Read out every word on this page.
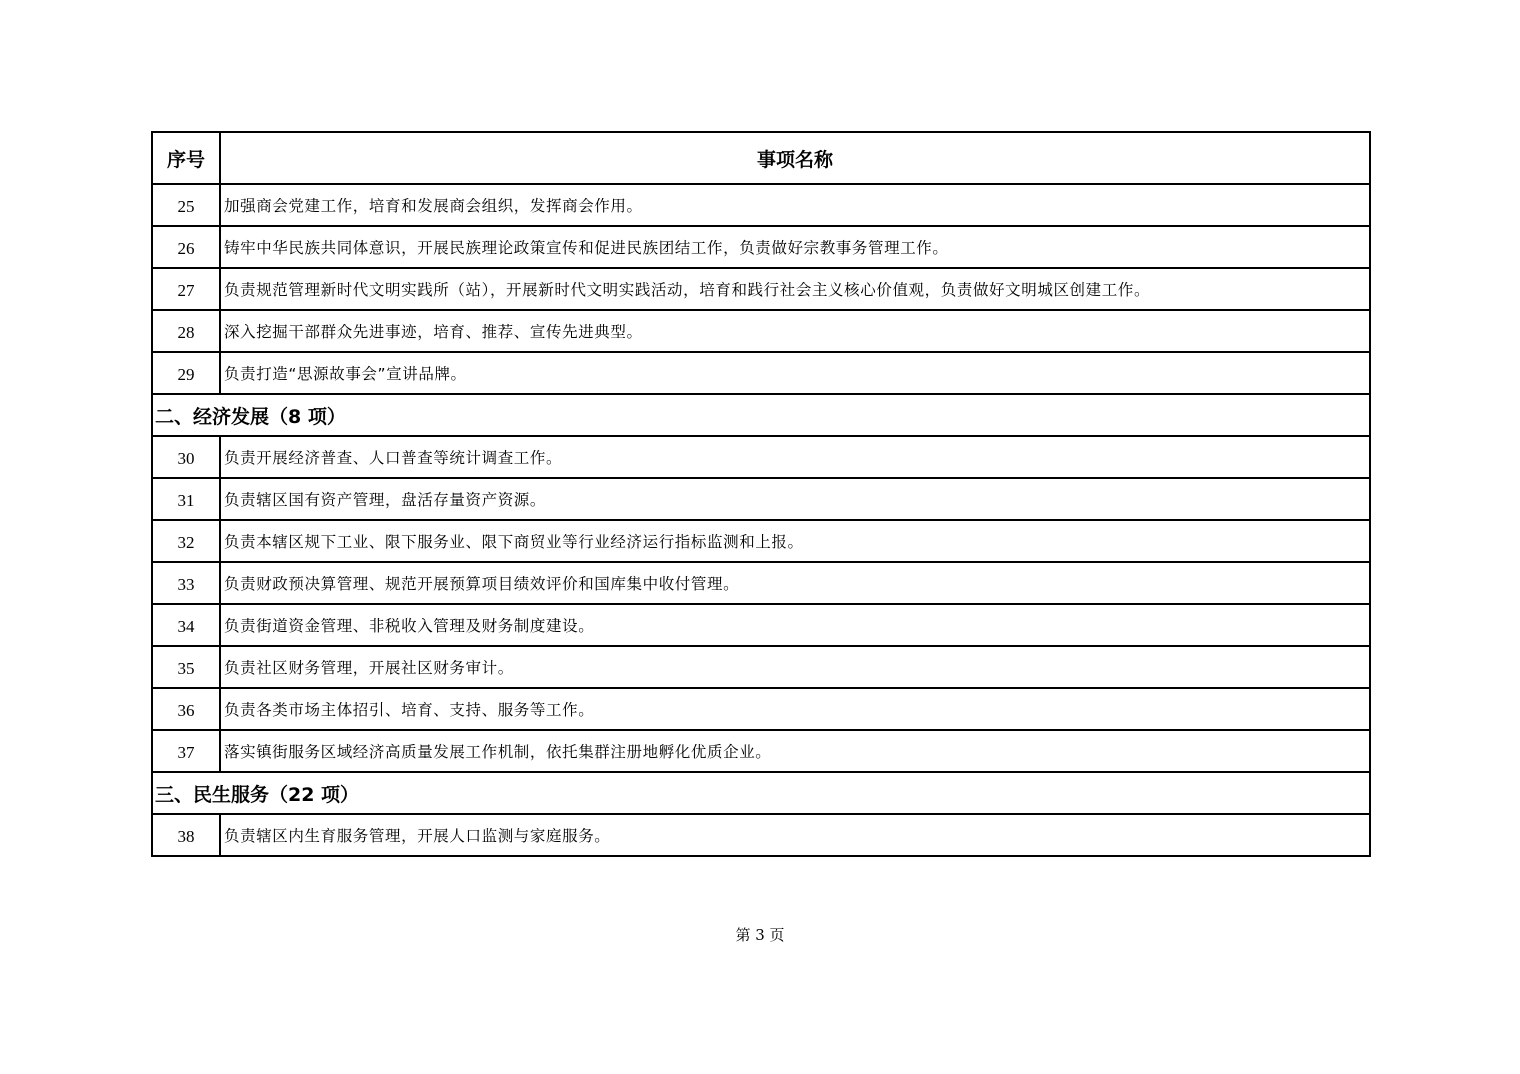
序号	事项名称
25	加强商会党建工作，培育和发展商会组织，发挥商会作用。
26	铸牢中华民族共同体意识，开展民族理论政策宣传和促进民族团结工作，负责做好宗教事务管理工作。
27	负责规范管理新时代文明实践所（站），开展新时代文明实践活动，培育和践行社会主义核心价值观，负责做好文明城区创建工作。
28	深入挖掘干部群众先进事迹，培育、推荐、宣传先进典型。
29	负责打造“思源故事会”宣讲品牌。
二、经济发展（8 项）	
30	负责开展经济普查、人口普查等统计调查工作。
31	负责辖区国有资产管理，盘活存量资产资源。
32	负责本辖区规下工业、限下服务业、限下商贸业等行业经济运行指标监测和上报。
33	负责财政预决算管理、规范开展预算项目绩效评价和国库集中收付管理。
34	负责街道资金管理、非税收入管理及财务制度建设。
35	负责社区财务管理，开展社区财务审计。
36	负责各类市场主体招引、培育、支持、服务等工作。
37	落实镇街服务区域经济高质量发展工作机制，依托集群注册地孵化优质企业。
三、民生服务（22 项）	
38	负责辖区内生育服务管理，开展人口监测与家庭服务。
第 3 页
